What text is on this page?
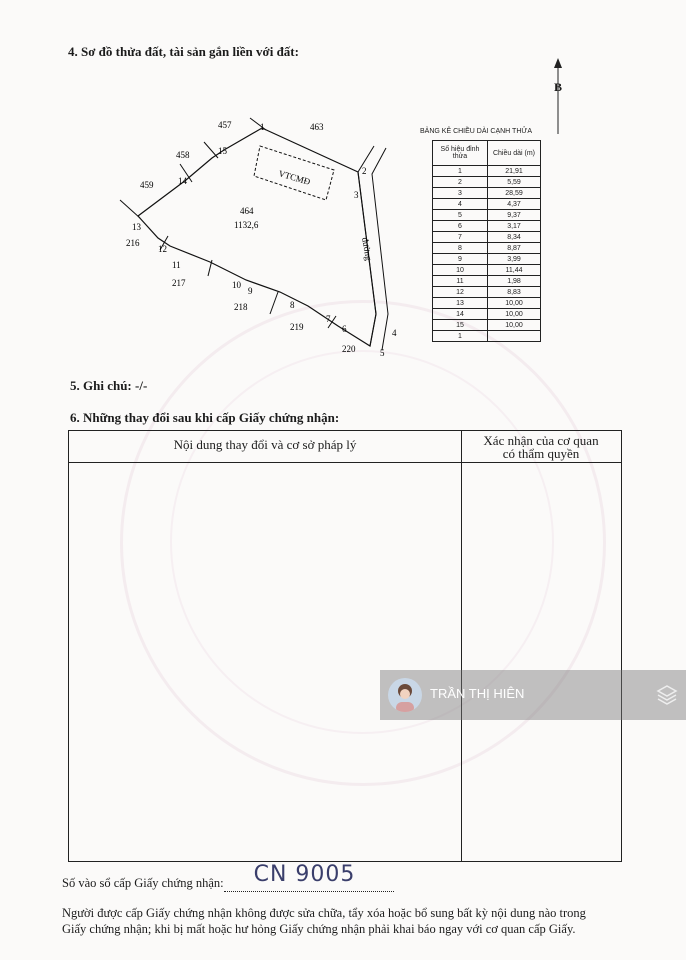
4. Sơ đồ thửa đất, tài sản gắn liền với đất:
B
VTCMĐ
đường
464
1132,6
457	463
458
459
216
217
218
219
220
1
2
3
4
5
6
7
8
9
10
11
12
13
14
15
BẢNG KÊ CHIỀU DÀI CẠNH THỬA
Số hiệu đỉnh thửa	Chiều dài (m)
1	21,91
2	5,59
3	28,59
4	4,37
5	9,37
6	3,17
7	8,34
8	8,87
9	3,99
10	11,44
11	1,98
12	8,83
13	10,00
14	10,00
15	10,00
1	
5. Ghi chú: -/-
6. Những thay đổi sau khi cấp Giấy chứng nhận:
Nội dung thay đổi và cơ sở pháp lý	Xác nhận của cơ quan
có thẩm quyền
TRẦN THỊ HIÊN
Số vào sổ cấp Giấy chứng nhận: CN 9005

Người được cấp Giấy chứng nhận không được sửa chữa, tẩy xóa hoặc bổ sung bất kỳ nội dung nào trong
Giấy chứng nhận; khi bị mất hoặc hư hỏng Giấy chứng nhận phải khai báo ngay với cơ quan cấp Giấy.
